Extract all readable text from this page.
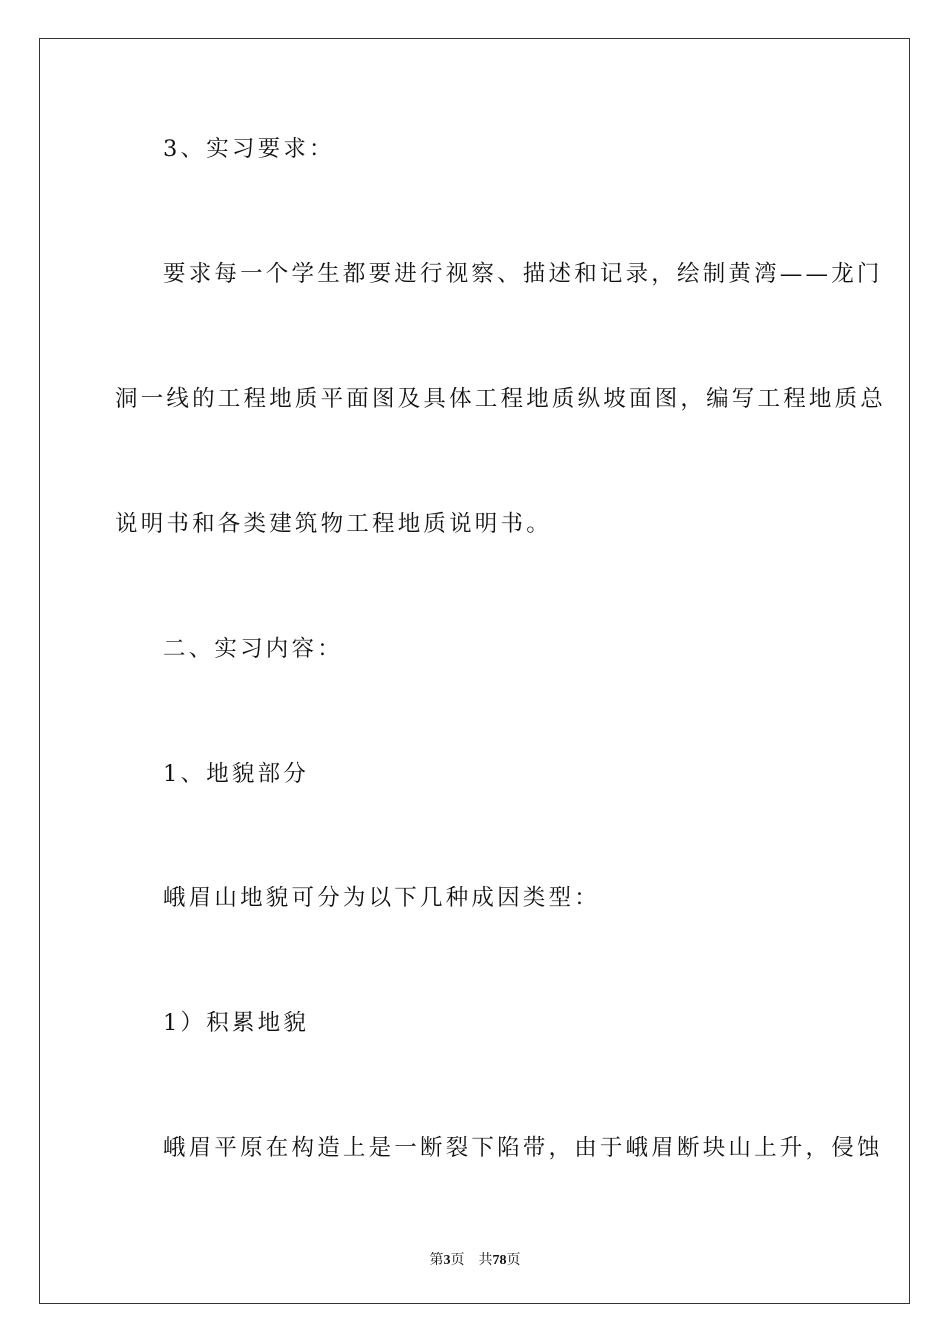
3、实习要求：
要求每一个学生都要进行视察、描述和记录，绘制黄湾——龙门
洞一线的工程地质平面图及具体工程地质纵坡面图，编写工程地质总
说明书和各类建筑物工程地质说明书。
二、实习内容：
1、地貌部分
峨眉山地貌可分为以下几种成因类型：
1）积累地貌
峨眉平原在构造上是一断裂下陷带，由于峨眉断块山上升，侵蚀
第3页 共78页
